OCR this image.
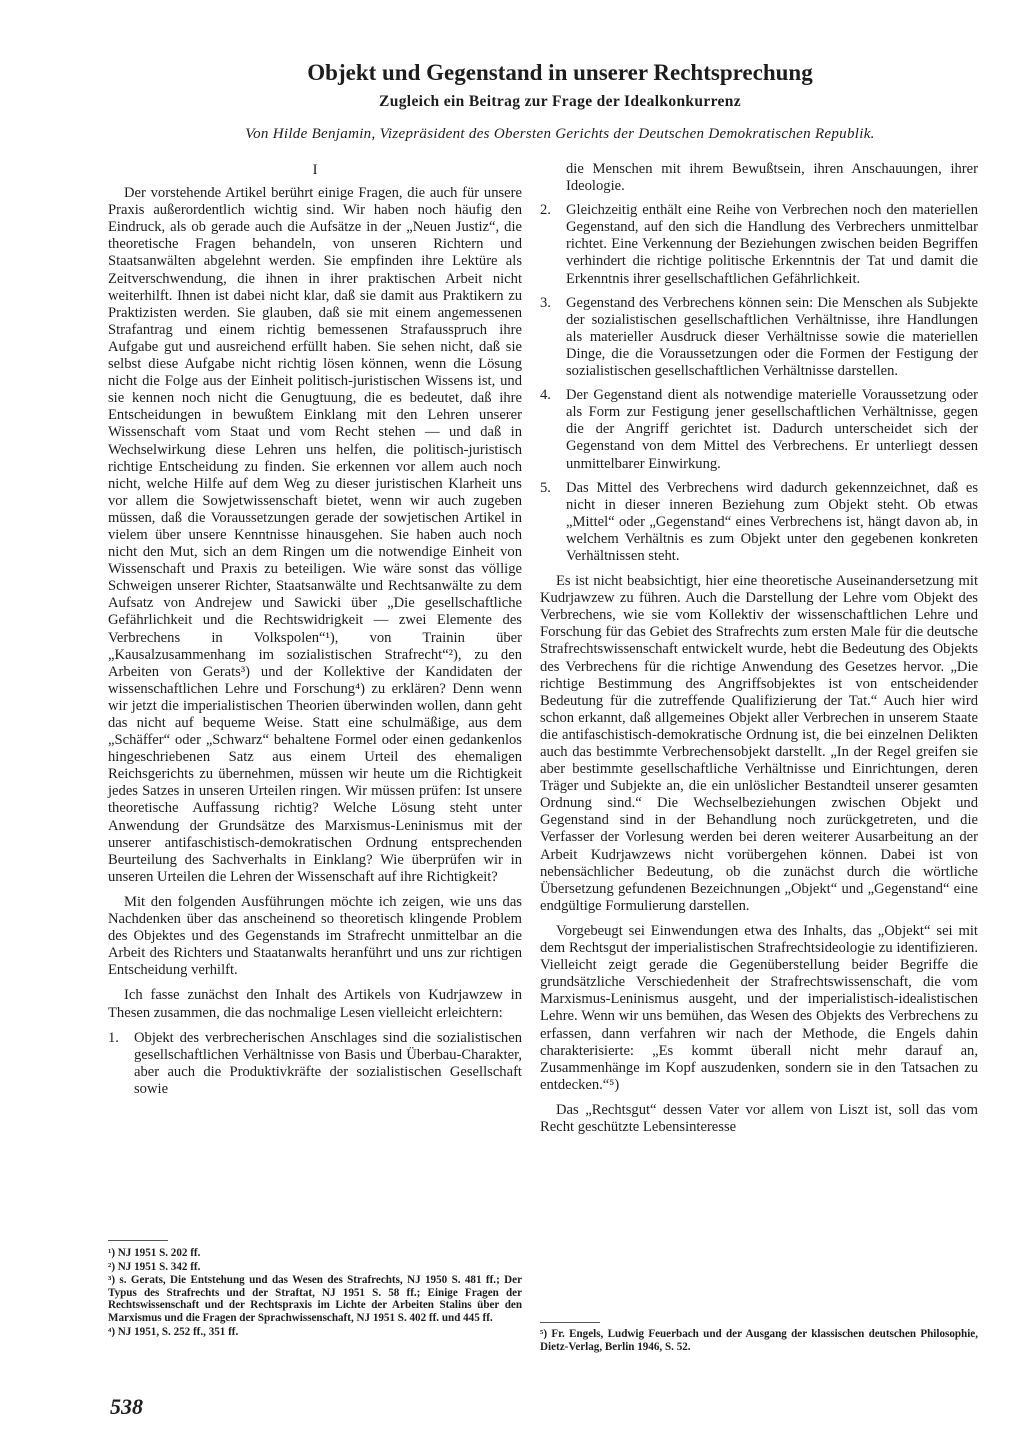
Objekt und Gegenstand in unserer Rechtsprechung
Zugleich ein Beitrag zur Frage der Idealkonkurrenz
Von Hilde Benjamin, Vizepräsident des Obersten Gerichts der Deutschen Demokratischen Republik.
I

Der vorstehende Artikel berührt einige Fragen, die auch für unsere Praxis außerordentlich wichtig sind. Wir haben noch häufig den Eindruck, als ob gerade auch die Aufsätze in der „Neuen Justiz“, die theoretische Fragen behandeln, von unseren Richtern und Staatsanwälten abgelehnt werden. Sie empfinden ihre Lektüre als Zeitverschwendung, die ihnen in ihrer praktischen Arbeit nicht weiterhilft. Ihnen ist dabei nicht klar, daß sie damit aus Praktikern zu Praktizisten werden. Sie glauben, daß sie mit einem angemessenen Strafantrag und einem richtig bemessenen Strafausspruch ihre Aufgabe gut und ausreichend erfüllt haben. Sie sehen nicht, daß sie selbst diese Aufgabe nicht richtig lösen können, wenn die Lösung nicht die Folge aus der Einheit politisch-juristischen Wissens ist, und sie kennen noch nicht die Genugtuung, die es bedeutet, daß ihre Entscheidungen in bewußtem Einklang mit den Lehren unserer Wissenschaft vom Staat und vom Recht stehen — und daß in Wechselwirkung diese Lehren uns helfen, die politisch-juristisch richtige Entscheidung zu finden. Sie erkennen vor allem auch noch nicht, welche Hilfe auf dem Weg zu dieser juristischen Klarheit uns vor allem die Sowjetwissenschaft bietet, wenn wir auch zugeben müssen, daß die Voraussetzungen gerade der sowjetischen Artikel in vielem über unsere Kenntnisse hinausgehen. Sie haben auch noch nicht den Mut, sich an dem Ringen um die notwendige Einheit von Wissenschaft und Praxis zu beteiligen. Wie wäre sonst das völlige Schweigen unserer Richter, Staatsanwälte und Rechtsanwälte zu dem Aufsatz von Andrejew und Sawicki über „Die gesellschaftliche Gefährlichkeit und die Rechtswidrigkeit — zwei Elemente des Verbrechens in Volkspolen“¹), von Trainin über „Kausalzusammenhang im sozialistischen Strafrecht“²), zu den Arbeiten von Gerats³) und der Kollektive der Kandidaten der wissenschaftlichen Lehre und Forschung⁴) zu erklären? Denn wenn wir jetzt die imperialistischen Theorien überwinden wollen, dann geht das nicht auf bequeme Weise. Statt eine schulmäßige, aus dem „Schäffer“ oder „Schwarz“ behaltene Formel oder einen gedankenlos hingeschriebenen Satz aus einem Urteil des ehemaligen Reichsgerichts zu übernehmen, müssen wir heute um die Richtigkeit jedes Satzes in unseren Urteilen ringen. Wir müssen prüfen: Ist unsere theoretische Auffassung richtig? Welche Lösung steht unter Anwendung der Grundsätze des Marxismus-Leninismus mit der unserer antifaschistisch-demokratischen Ordnung entsprechenden Beurteilung des Sachverhalts in Einklang? Wie überprüfen wir in unseren Urteilen die Lehren der Wissenschaft auf ihre Richtigkeit?

Mit den folgenden Ausführungen möchte ich zeigen, wie uns das Nachdenken über das anscheinend so theoretisch klingende Problem des Objektes und des Gegenstands im Strafrecht unmittelbar an die Arbeit des Richters und Staatanwalts heranführt und uns zur richtigen Entscheidung verhilft.

Ich fasse zunächst den Inhalt des Artikels von Kudrjawzew in Thesen zusammen, die das nochmalige Lesen vielleicht erleichtern:

1.	Objekt des verbrecherischen Anschlages sind die sozialistischen gesellschaftlichen Verhältnisse von Basis und Überbau-Charakter, aber auch die Produktivkräfte der sozialistischen Gesellschaft sowie
¹) NJ 1951 S. 202 ff.
²) NJ 1951 S. 342 ff.
³) s. Gerats, Die Entstehung und das Wesen des Strafrechts, NJ 1950 S. 481 ff.; Der Typus des Strafrechts und der Straftat, NJ 1951 S. 58 ff.; Einige Fragen der Rechtswissenschaft und der Rechtspraxis im Lichte der Arbeiten Stalins über den Marxismus und die Fragen der Sprachwissenschaft, NJ 1951 S. 402 ff. und 445 ff.
⁴) NJ 1951, S. 252 ff., 351 ff.
die Menschen mit ihrem Bewußtsein, ihren Anschauungen, ihrer Ideologie.
2.	Gleichzeitig enthält eine Reihe von Verbrechen noch den materiellen Gegenstand, auf den sich die Handlung des Verbrechers unmittelbar richtet. Eine Verkennung der Beziehungen zwischen beiden Begriffen verhindert die richtige politische Erkenntnis der Tat und damit die Erkenntnis ihrer gesellschaftlichen Gefährlichkeit.
3.	Gegenstand des Verbrechens können sein: Die Menschen als Subjekte der sozialistischen gesellschaftlichen Verhältnisse, ihre Handlungen als materieller Ausdruck dieser Verhältnisse sowie die materiellen Dinge, die die Voraussetzungen oder die Formen der Festigung der sozialistischen gesellschaftlichen Verhältnisse darstellen.
4.	Der Gegenstand dient als notwendige materielle Voraussetzung oder als Form zur Festigung jener gesellschaftlichen Verhältnisse, gegen die der Angriff gerichtet ist. Dadurch unterscheidet sich der Gegenstand von dem Mittel des Verbrechens. Er unterliegt dessen unmittelbarer Einwirkung.
5.	Das Mittel des Verbrechens wird dadurch gekennzeichnet, daß es nicht in dieser inneren Beziehung zum Objekt steht. Ob etwas „Mittel“ oder „Gegenstand“ eines Verbrechens ist, hängt davon ab, in welchem Verhältnis es zum Objekt unter den gegebenen konkreten Verhältnissen steht.

Es ist nicht beabsichtigt, hier eine theoretische Auseinandersetzung mit Kudrjawzew zu führen. Auch die Darstellung der Lehre vom Objekt des Verbrechens, wie sie vom Kollektiv der wissenschaftlichen Lehre und Forschung für das Gebiet des Strafrechts zum ersten Male für die deutsche Strafrechtswissenschaft entwickelt wurde, hebt die Bedeutung des Objekts des Verbrechens für die richtige Anwendung des Gesetzes hervor. „Die richtige Bestimmung des Angriffsobjektes ist von entscheidender Bedeutung für die zutreffende Qualifizierung der Tat.“ Auch hier wird schon erkannt, daß allgemeines Objekt aller Verbrechen in unserem Staate die antifaschistisch-demokratische Ordnung ist, die bei einzelnen Delikten auch das bestimmte Verbrechensobjekt darstellt. „In der Regel greifen sie aber bestimmte gesellschaftliche Verhältnisse und Einrichtungen, deren Träger und Subjekte an, die ein unlöslicher Bestandteil unserer gesamten Ordnung sind.“ Die Wechselbeziehungen zwischen Objekt und Gegenstand sind in der Behandlung noch zurückgetreten, und die Verfasser der Vorlesung werden bei deren weiterer Ausarbeitung an der Arbeit Kudrjawzews nicht vorübergehen können. Dabei ist von nebensächlicher Bedeutung, ob die zunächst durch die wörtliche Übersetzung gefundenen Bezeichnungen „Objekt“ und „Gegenstand“ eine endgültige Formulierung darstellen.

Vorgebeugt sei Einwendungen etwa des Inhalts, das „Objekt“ sei mit dem Rechtsgut der imperialistischen Strafrechtsideologie zu identifizieren. Vielleicht zeigt gerade die Gegenüberstellung beider Begriffe die grundsätzliche Verschiedenheit der Strafrechtswissenschaft, die vom Marxismus-Leninismus ausgeht, und der imperialistisch-idealistischen Lehre. Wenn wir uns bemühen, das Wesen des Objekts des Verbrechens zu erfassen, dann verfahren wir nach der Methode, die Engels dahin charakterisierte: „Es kommt überall nicht mehr darauf an, Zusammenhänge im Kopf auszudenken, sondern sie in den Tatsachen zu entdecken.“⁵)

Das „Rechtsgut“ dessen Vater vor allem von Liszt ist, soll das vom Recht geschützte Lebensinteresse

⁵) Fr. Engels, Ludwig Feuerbach und der Ausgang der klassischen deutschen Philosophie, Dietz-Verlag, Berlin 1946, S. 52.
538
